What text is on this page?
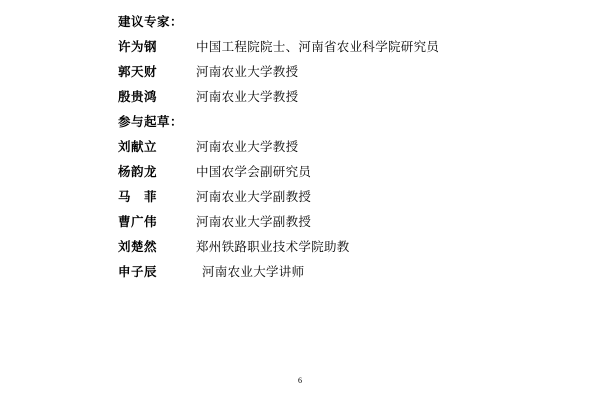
建议专家：
许为钢	中国工程院院士、河南省农业科学院研究员
郭天财	河南农业大学教授
殷贵鸿	河南农业大学教授
参与起草：
刘献立	河南农业大学教授
杨韵龙	中国农学会副研究员
马　菲	河南农业大学副教授
曹广伟	河南农业大学副教授
刘楚然	郑州铁路职业技术学院助教
申子辰	河南农业大学讲师
6
